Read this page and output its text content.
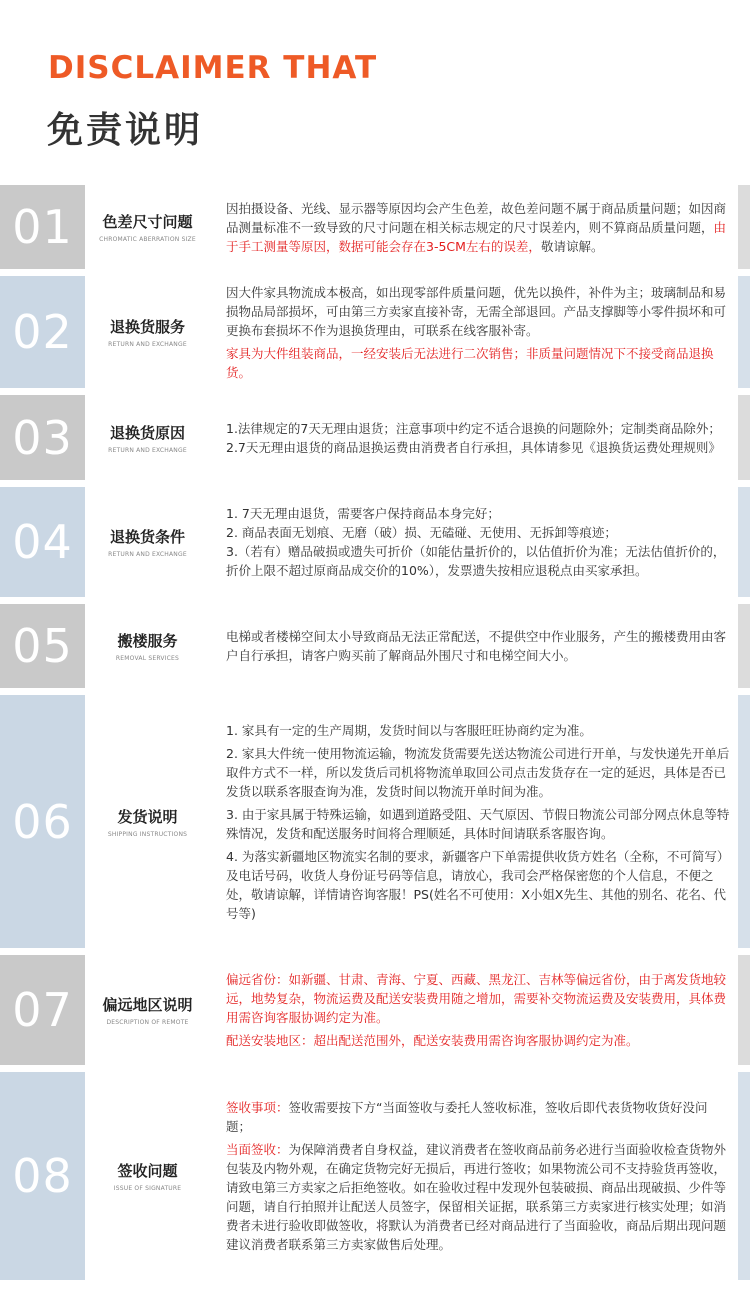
DISCLAIMER THAT
免责说明
01	色差尺寸问题
CHROMATIC ABERRATION SIZE

因拍摄设备、光线、显示器等原因均会产生色差，故色差问题不属于商品质量问题；如因商品测量标准不一致导致的尺寸问题在相关标志规定的尺寸误差内，则不算商品质量问题，由于手工测量等原因，数据可能会存在3-5CM左右的误差，敬请谅解。

02	退换货服务
RETURN AND EXCHANGE

因大件家具物流成本极高，如出现零部件质量问题，优先以换件，补件为主；玻璃制品和易损物品局部损坏，可由第三方卖家直接补寄，无需全部退回。产品支撑脚等小零件损坏和可更换布套损坏不作为退换货理由，可联系在线客服补寄。

家具为大件组装商品，一经安装后无法进行二次销售；非质量问题情况下不接受商品退换货。

03	退换货原因
RETURN AND EXCHANGE

1.法律规定的7天无理由退货；注意事项中约定不适合退换的问题除外；定制类商品除外；

2.7天无理由退货的商品退换运费由消费者自行承担，具体请参见《退换货运费处理规则》

04	退换货条件
RETURN AND EXCHANGE

1. 7天无理由退货，需要客户保持商品本身完好；

2. 商品表面无划痕、无磨（破）损、无磕碰、无使用、无拆卸等痕迹；

3.（若有）赠品破损或遗失可折价（如能估量折价的，以估值折价为准；无法估值折价的，折价上限不超过原商品成交价的10%），发票遗失按相应退税点由买家承担。

05	搬楼服务
REMOVAL SERVICES

电梯或者楼梯空间太小导致商品无法正常配送，不提供空中作业服务，产生的搬楼费用由客户自行承担，请客户购买前了解商品外围尺寸和电梯空间大小。

06	发货说明
SHIPPING INSTRUCTIONS

1. 家具有一定的生产周期，发货时间以与客服旺旺协商约定为准。

2. 家具大件统一使用物流运输，物流发货需要先送达物流公司进行开单，与发快递先开单后取件方式不一样，所以发货后司机将物流单取回公司点击发货存在一定的延迟，具体是否已发货以联系客服查询为准，发货时间以物流开单时间为准。

3. 由于家具属于特殊运输，如遇到道路受阻、天气原因、节假日物流公司部分网点休息等特殊情况，发货和配送服务时间将合理顺延，具体时间请联系客服咨询。

4. 为落实新疆地区物流实名制的要求，新疆客户下单需提供收货方姓名（全称，不可简写）及电话号码，收货人身份证号码等信息，请放心，我司会严格保密您的个人信息，不便之处，敬请谅解，详情请咨询客服！PS(姓名不可使用：X小姐X先生、其他的别名、花名、代号等)

07	偏远地区说明
DESCRIPTION OF REMOTE

偏远省份：如新疆、甘肃、青海、宁夏、西藏、黑龙江、吉林等偏远省份，由于离发货地较远，地势复杂，物流运费及配送安装费用随之增加，需要补交物流运费及安装费用，具体费用需咨询客服协调约定为准。

配送安装地区：超出配送范围外，配送安装费用需咨询客服协调约定为准。

08	签收问题
ISSUE OF SIGNATURE

签收事项：签收需要按下方“当面签收与委托人签收标准，签收后即代表货物收货好没问题；

当面签收：为保障消费者自身权益，建议消费者在签收商品前务必进行当面验收检查货物外包装及内物外观，在确定货物完好无损后，再进行签收；如果物流公司不支持验货再签收，请致电第三方卖家之后拒绝签收。如在验收过程中发现外包装破损、商品出现破损、少件等问题，请自行拍照并让配送人员签字，保留相关证据，联系第三方卖家进行核实处理；如消费者未进行验收即做签收，将默认为消费者已经对商品进行了当面验收，商品后期出现问题建议消费者联系第三方卖家做售后处理。
